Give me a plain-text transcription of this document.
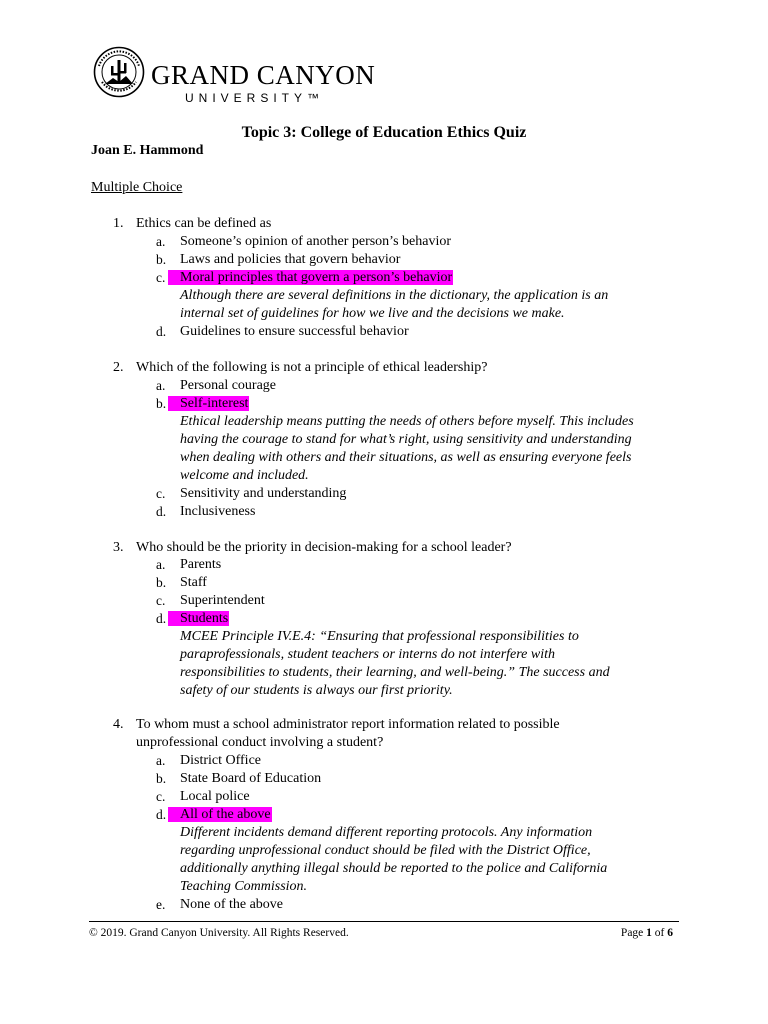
GRAND CANYON
UNIVERSITY™
Topic 3: College of Education Ethics Quiz
Joan E. Hammond
Multiple Choice
1. Ethics can be defined as
a. Someone’s opinion of another person’s behavior
b. Laws and policies that govern behavior
c. Moral principles that govern a person’s behavior
Although there are several definitions in the dictionary, the application is an
internal set of guidelines for how we live and the decisions we make.
d. Guidelines to ensure successful behavior
2. Which of the following is not a principle of ethical leadership?
a. Personal courage
b. Self-interest
Ethical leadership means putting the needs of others before myself. This includes
having the courage to stand for what’s right, using sensitivity and understanding
when dealing with others and their situations, as well as ensuring everyone feels
welcome and included.
c. Sensitivity and understanding
d. Inclusiveness
3. Who should be the priority in decision-making for a school leader?
a. Parents
b. Staff
c. Superintendent
d. Students
MCEE Principle IV.E.4: “Ensuring that professional responsibilities to
paraprofessionals, student teachers or interns do not interfere with
responsibilities to students, their learning, and well-being.” The success and
safety of our students is always our first priority.
4. To whom must a school administrator report information related to possible
unprofessional conduct involving a student?
a. District Office
b. State Board of Education
c. Local police
d. All of the above
Different incidents demand different reporting protocols. Any information
regarding unprofessional conduct should be filed with the District Office,
additionally anything illegal should be reported to the police and California
Teaching Commission.
e. None of the above
© 2019. Grand Canyon University. All Rights Reserved.	Page 1 of 6
